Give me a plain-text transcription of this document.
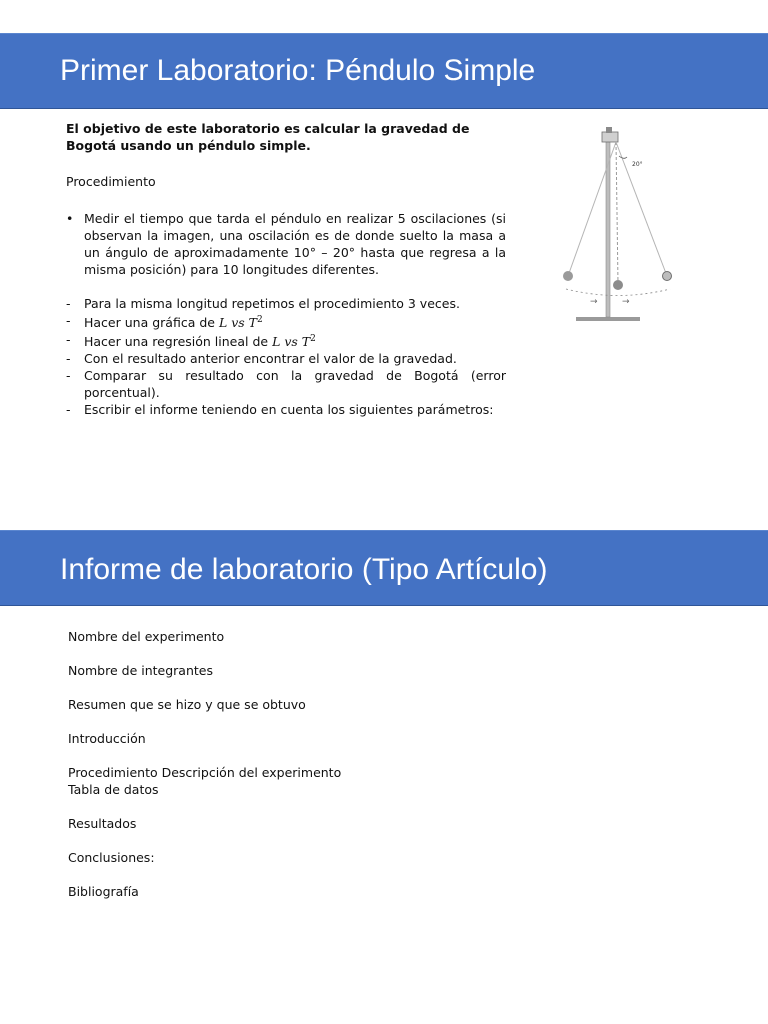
Primer Laboratorio: Péndulo Simple
El objetivo de este laboratorio es calcular la gravedad de Bogotá usando un péndulo simple.
Procedimiento
• Medir el tiempo que tarda el péndulo en realizar 5 oscilaciones (si observan la imagen, una oscilación es de donde suelto la masa a un ángulo de aproximadamente 10° – 20° hasta que regresa a la misma posición) para 10 longitudes diferentes.
- Para la misma longitud repetimos el procedimiento 3 veces.
- Hacer una gráfica de L vs $T^2$
- Hacer una regresión lineal de L vs $T^2$
- Con el resultado anterior encontrar el valor de la gravedad.
- Comparar su resultado con la gravedad de Bogotá (error porcentual).
- Escribir el informe teniendo en cuenta los siguientes parámetros:
20°
→	→
Informe de laboratorio (Tipo Artículo)
Nombre del experimento
Nombre de integrantes
Resumen que se hizo y que se obtuvo
Introducción
Procedimiento Descripción del experimento
Tabla de datos
Resultados
Conclusiones:
Bibliografía
